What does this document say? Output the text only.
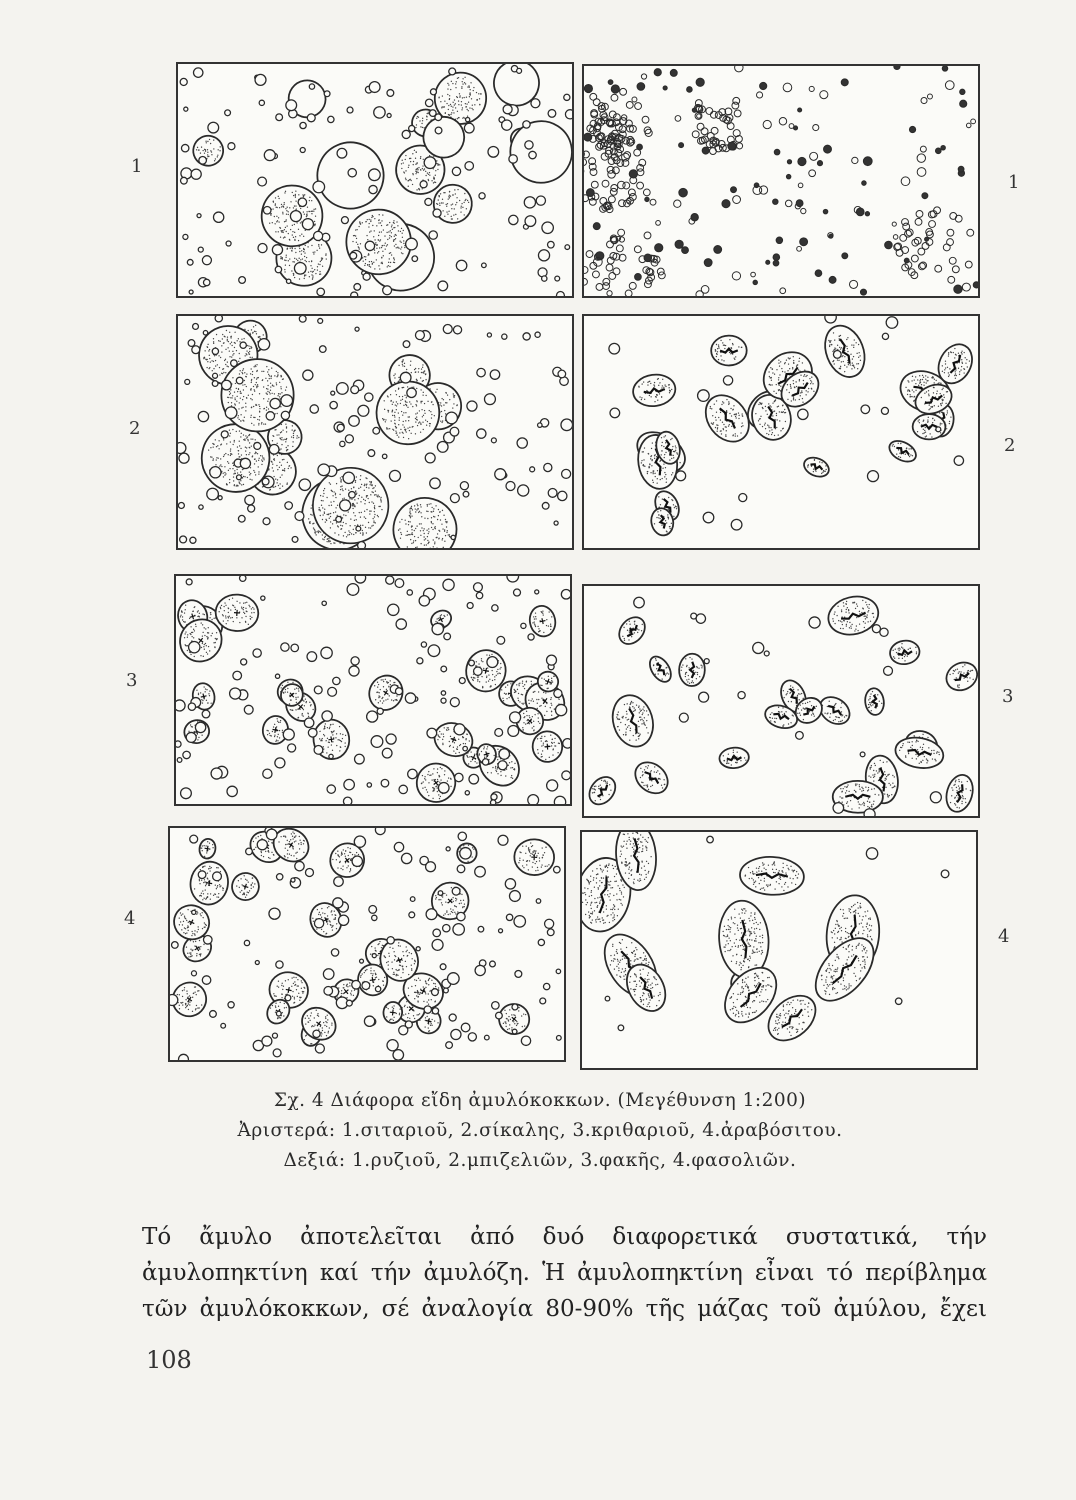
1
1
2
2
3
3
4
4
Σχ. 4 Διάφορα εἴδη ἀμυλόκοκκων. (Μεγέθυνση 1:200)
Ἀριστερά: 1.σιταριοῦ, 2.σίκαλης, 3.κριθαριοῦ, 4.ἀραβόσιτου.
Δεξιά: 1.ρυζιοῦ, 2.μπιζελιῶν, 3.φακῆς, 4.φασολιῶν.
Τό ἄμυλο ἀποτελεῖται ἀπό δυό διαφορετικά συστατικά, τήν
ἀμυλοπηκτίνη καί τήν ἀμυλόζη. Ἡ ἀμυλοπηκτίνη εἶναι τό περίβλημα
τῶν ἀμυλόκοκκων, σέ ἀναλογία 80-90% τῆς μάζας τοῦ ἀμύλου, ἔχει
108
